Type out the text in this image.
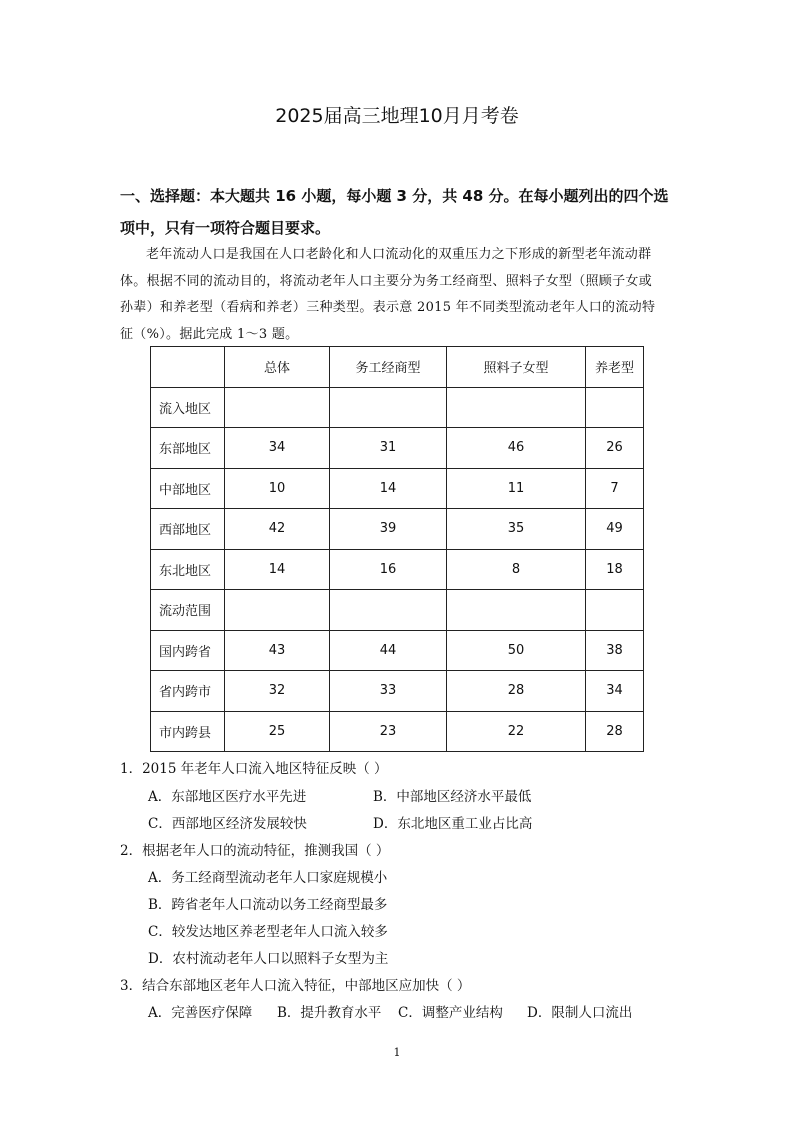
2025届高三地理10月月考卷
一、选择题：本大题共 16 小题，每小题 3 分，共 48 分。在每小题列出的四个选项中，只有一项符合题目要求。
老年流动人口是我国在人口老龄化和人口流动化的双重压力之下形成的新型老年流动群体。根据不同的流动目的，将流动老年人口主要分为务工经商型、照料子女型（照顾子女或孙辈）和养老型（看病和养老）三种类型。表示意 2015 年不同类型流动老年人口的流动特征（%）。据此完成 1～3 题。
	总体	务工经商型	照料子女型	养老型
流入地区				
东部地区	34	31	46	26
中部地区	10	14	11	7
西部地区	42	39	35	49
东北地区	14	16	8	18
流动范围				
国内跨省	43	44	50	38
省内跨市	32	33	28	34
市内跨县	25	23	22	28
1．2015 年老年人口流入地区特征反映（ ）
A．东部地区医疗水平先进	B．中部地区经济水平最低
C．西部地区经济发展较快	D．东北地区重工业占比高
2．根据老年人口的流动特征，推测我国（ ）
A．务工经商型流动老年人口家庭规模小
B．跨省老年人口流动以务工经商型最多
C．较发达地区养老型老年人口流入较多
D．农村流动老年人口以照料子女型为主
3．结合东部地区老年人口流入特征，中部地区应加快（ ）
A．完善医疗保障 B．提升教育水平 C．调整产业结构 D．限制人口流出
1
